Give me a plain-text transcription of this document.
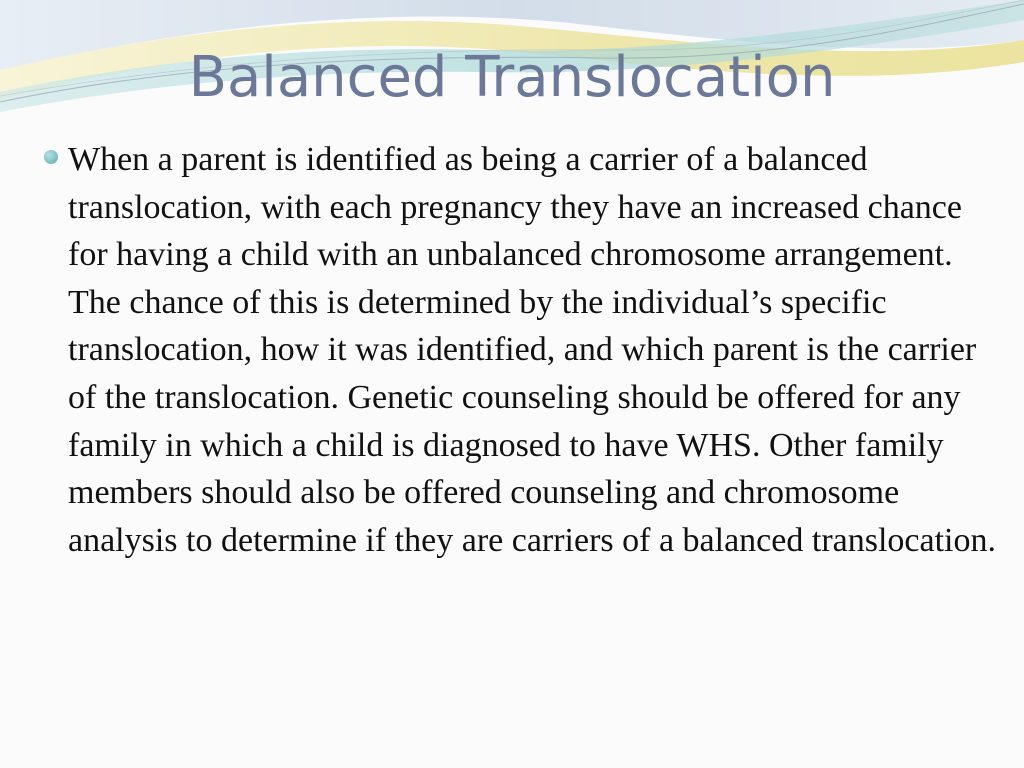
Balanced Translocation
When a parent is identified as being a carrier of a balanced translocation, with each pregnancy they have an increased chance for having a child with an unbalanced chromosome arrangement. The chance of this is determined by the individual’s specific translocation, how it was identified, and which parent is the carrier of the translocation. Genetic counseling should be offered for any family in which a child is diagnosed to have WHS. Other family members should also be offered counseling and chromosome analysis to determine if they are carriers of a balanced translocation.
